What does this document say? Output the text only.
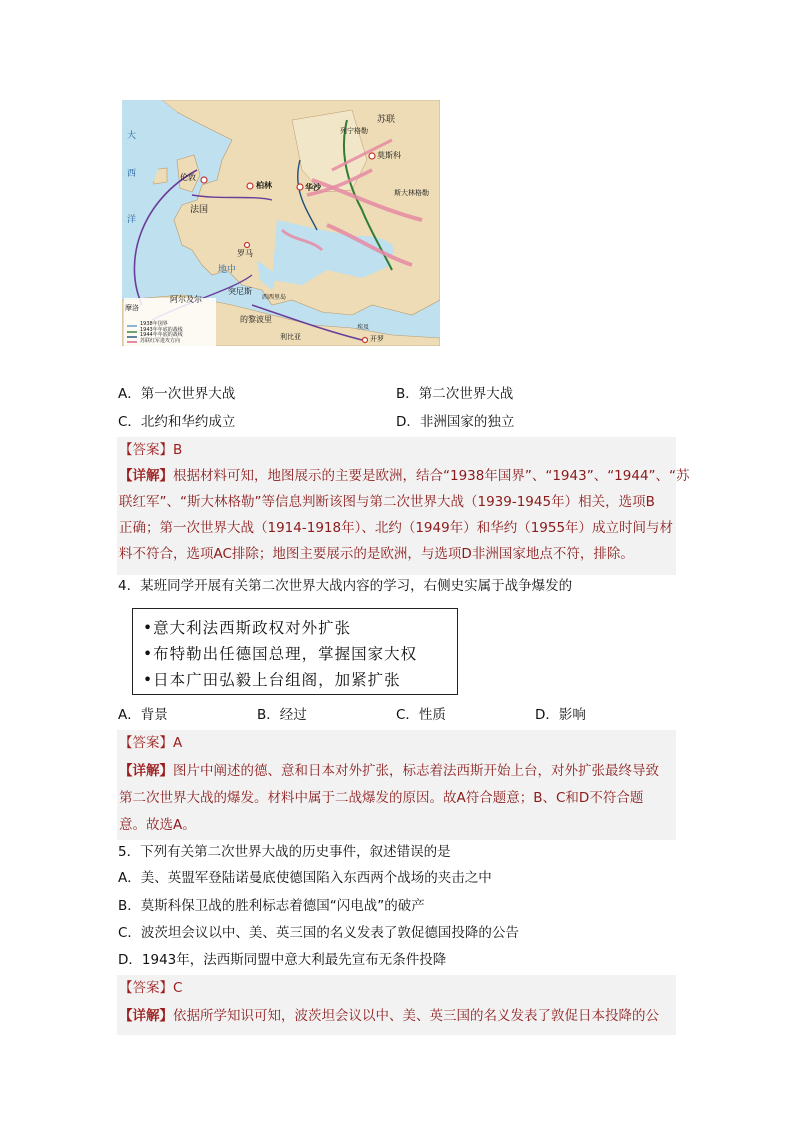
苏联
列宁格勒
莫斯科
斯大林格勒
伦敦
柏林	华沙
法国
罗马
突尼斯
阿尔及尔
的黎波里
开罗
摩洛
利比亚
埃及
西西里岛
大
西
洋
地中
1938年国界
1943年年底的战线
1944年年底的战线
苏联红军进攻方向
A．第一次世界大战	B．第二次世界大战
C．北约和华约成立	D．非洲国家的独立
【答案】B
【详解】根据材料可知，地图展示的主要是欧洲，结合“1938年国界”、“1943”、“1944”、“苏
联红军”、“斯大林格勒”等信息判断该图与第二次世界大战（1939-1945年）相关，选项B
正确；第一次世界大战（1914-1918年）、北约（1949年）和华约（1955年）成立时间与材
料不符合，选项AC排除；地图主要展示的是欧洲，与选项D非洲国家地点不符，排除。
4．某班同学开展有关第二次世界大战内容的学习，右侧史实属于战争爆发的
•意大利法西斯政权对外扩张
•布特勒出任德国总理，掌握国家大权
•日本广田弘毅上台组阁，加紧扩张
A．背景	B．经过	C．性质	D．影响
【答案】A
【详解】图片中阐述的德、意和日本对外扩张，标志着法西斯开始上台，对外扩张最终导致
第二次世界大战的爆发。材料中属于二战爆发的原因。故A符合题意；B、C和D不符合题
意。故选A。
5．下列有关第二次世界大战的历史事件，叙述错误的是
A．美、英盟军登陆诺曼底使德国陷入东西两个战场的夹击之中
B．莫斯科保卫战的胜利标志着德国“闪电战”的破产
C．波茨坦会议以中、美、英三国的名义发表了敦促德国投降的公告
D．1943年，法西斯同盟中意大利最先宣布无条件投降
【答案】C
【详解】依据所学知识可知，波茨坦会议以中、美、英三国的名义发表了敦促日本投降的公
